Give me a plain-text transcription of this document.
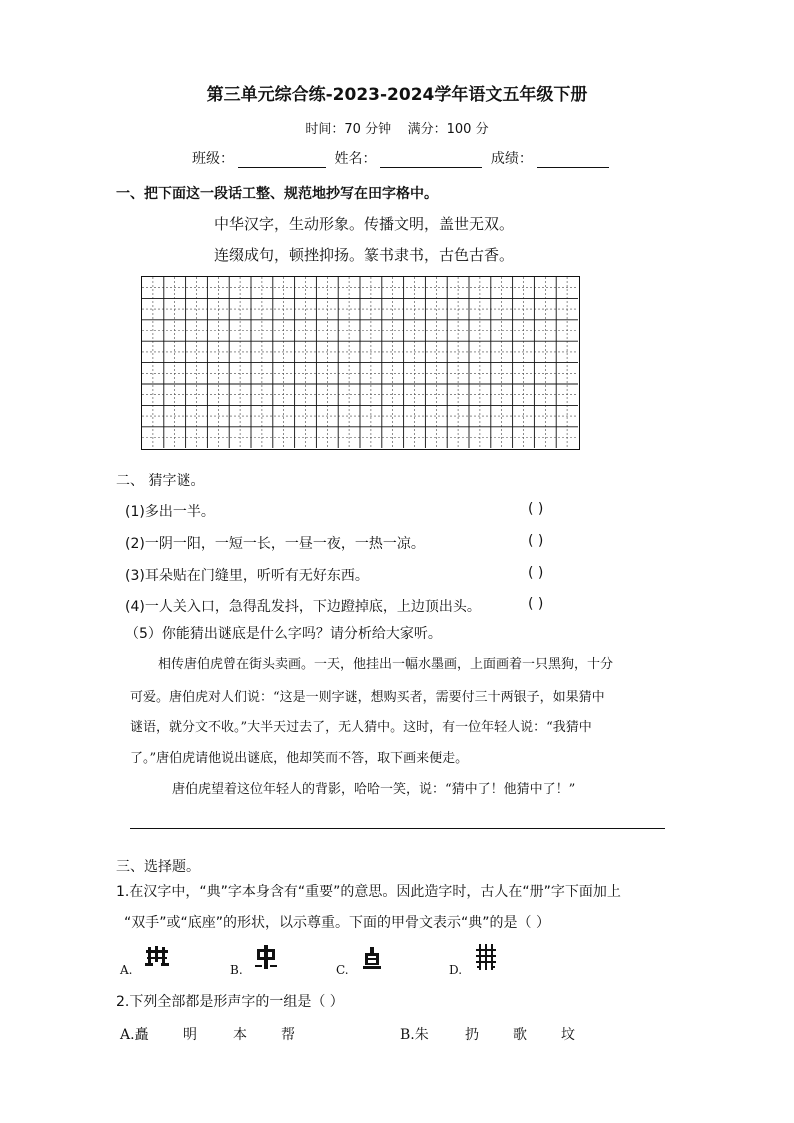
第三单元综合练-2023-2024学年语文五年级下册
时间：70 分钟 满分：100 分
班级：	姓名：	成绩：
一、把下面这一段话工整、规范地抄写在田字格中。
中华汉字，生动形象。传播文明，盖世无双。
连缀成句，顿挫抑扬。篆书隶书，古色古香。
二、 猜字谜。
(1)多出一半。	( )
(2)一阴一阳，一短一长，一昼一夜，一热一凉。	( )
(3)耳朵贴在门缝里，听听有无好东西。	( )
(4)一人关入口，急得乱发抖，下边蹬掉底，上边顶出头。	( )
（5）你能猜出谜底是什么字吗？请分析给大家听。
相传唐伯虎曾在街头卖画。一天，他挂出一幅水墨画，上面画着一只黑狗，十分
可爱。唐伯虎对人们说：“这是一则字谜，想购买者，需要付三十两银子，如果猜中
谜语，就分文不收。”大半天过去了，无人猜中。这时，有一位年轻人说：“我猜中
了。”唐伯虎请他说出谜底，他却笑而不答，取下画来便走。
唐伯虎望着这位年轻人的背影，哈哈一笑，说：“猜中了！他猜中了！”
三、选择题。
1.在汉字中，“典”字本身含有“重要”的意思。因此造字时，古人在“册”字下面加上
“双手”或“底座”的形状，以示尊重。下面的甲骨文表示“典”的是（ ）
A.	B.	C.	D.
2.下列全部都是形声字的一组是（ ）
A.矗 明	本 帮	B.朱	扔 歌 坟
